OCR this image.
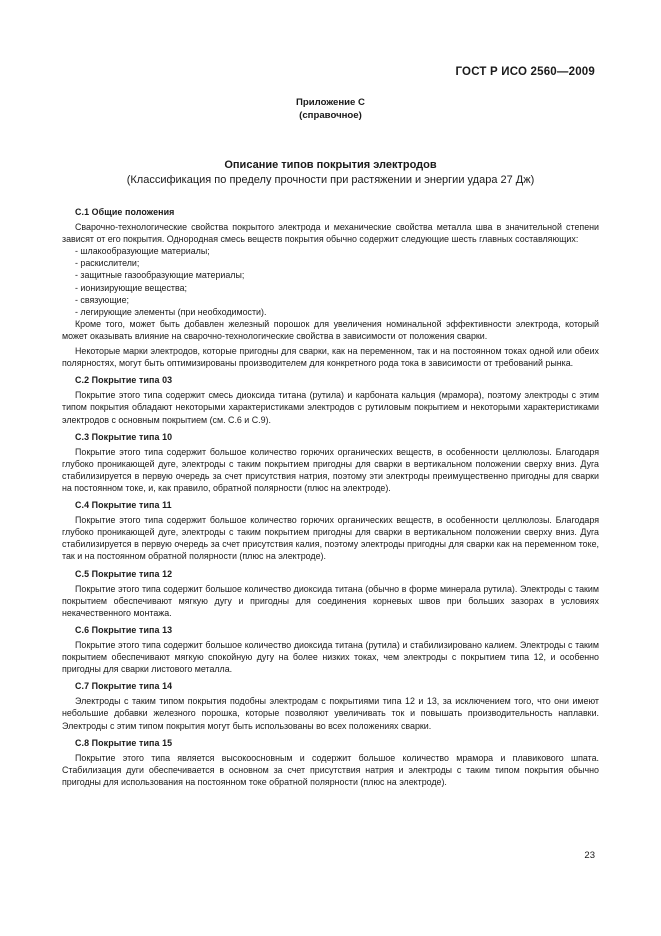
ГОСТ Р ИСО 2560—2009
Приложение С
(справочное)
Описание типов покрытия электродов
(Классификация по пределу прочности при растяжении и энергии удара 27 Дж)
С.1 Общие положения

Сварочно-технологические свойства покрытого электрода и механические свойства металла шва в значительной степени зависят от его покрытия. Однородная смесь веществ покрытия обычно содержит следующие шесть главных составляющих:

- шлакообразующие материалы;
- раскислители;
- защитные газообразующие материалы;
- ионизирующие вещества;
- связующие;
- легирующие элементы (при необходимости).

Кроме того, может быть добавлен железный порошок для увеличения номинальной эффективности электрода, который может оказывать влияние на сварочно-технологические свойства в зависимости от положения сварки.

Некоторые марки электродов, которые пригодны для сварки, как на переменном, так и на постоянном токах одной или обеих полярностях, могут быть оптимизированы производителем для конкретного рода тока в зависимости от требований рынка.

С.2 Покрытие типа 03

Покрытие этого типа содержит смесь диоксида титана (рутила) и карбоната кальция (мрамора), поэтому электроды с этим типом покрытия обладают некоторыми характеристиками электродов с рутиловым покрытием и некоторыми характеристиками электродов с основным покрытием (см. С.6 и С.9).

С.3 Покрытие типа 10

Покрытие этого типа содержит большое количество горючих органических веществ, в особенности целлюлозы. Благодаря глубоко проникающей дуге, электроды с таким покрытием пригодны для сварки в вертикальном положении сверху вниз. Дуга стабилизируется в первую очередь за счет присутствия натрия, поэтому эти электроды преимущественно пригодны для сварки на постоянном токе, и, как правило, обратной полярности (плюс на электроде).

С.4 Покрытие типа 11

Покрытие этого типа содержит большое количество горючих органических веществ, в особенности целлюлозы. Благодаря глубоко проникающей дуге, электроды с таким покрытием пригодны для сварки в вертикальном положении сверху вниз. Дуга стабилизируется в первую очередь за счет присутствия калия, поэтому электроды пригодны для сварки как на переменном токе, так и на постоянном обратной полярности (плюс на электроде).

С.5 Покрытие типа 12

Покрытие этого типа содержит большое количество диоксида титана (обычно в форме минерала рутила). Электроды с таким покрытием обеспечивают мягкую дугу и пригодны для соединения корневых швов при больших зазорах в условиях некачественного монтажа.

С.6 Покрытие типа 13

Покрытие этого типа содержит большое количество диоксида титана (рутила) и стабилизировано калием. Электроды с таким покрытием обеспечивают мягкую спокойную дугу на более низких токах, чем электроды с покрытием типа 12, и особенно пригодны для сварки листового металла.

С.7 Покрытие типа 14

Электроды с таким типом покрытия подобны электродам с покрытиями типа 12 и 13, за исключением того, что они имеют небольшие добавки железного порошка, которые позволяют увеличивать ток и повышать производительность наплавки. Электроды с этим типом покрытия могут быть использованы во всех положениях сварки.

С.8 Покрытие типа 15

Покрытие этого типа является высокоосновным и содержит большое количество мрамора и плавикового шпата. Стабилизация дуги обеспечивается в основном за счет присутствия натрия и электроды с таким типом покрытия обычно пригодны для использования на постоянном токе обратной полярности (плюс на электроде).

23
